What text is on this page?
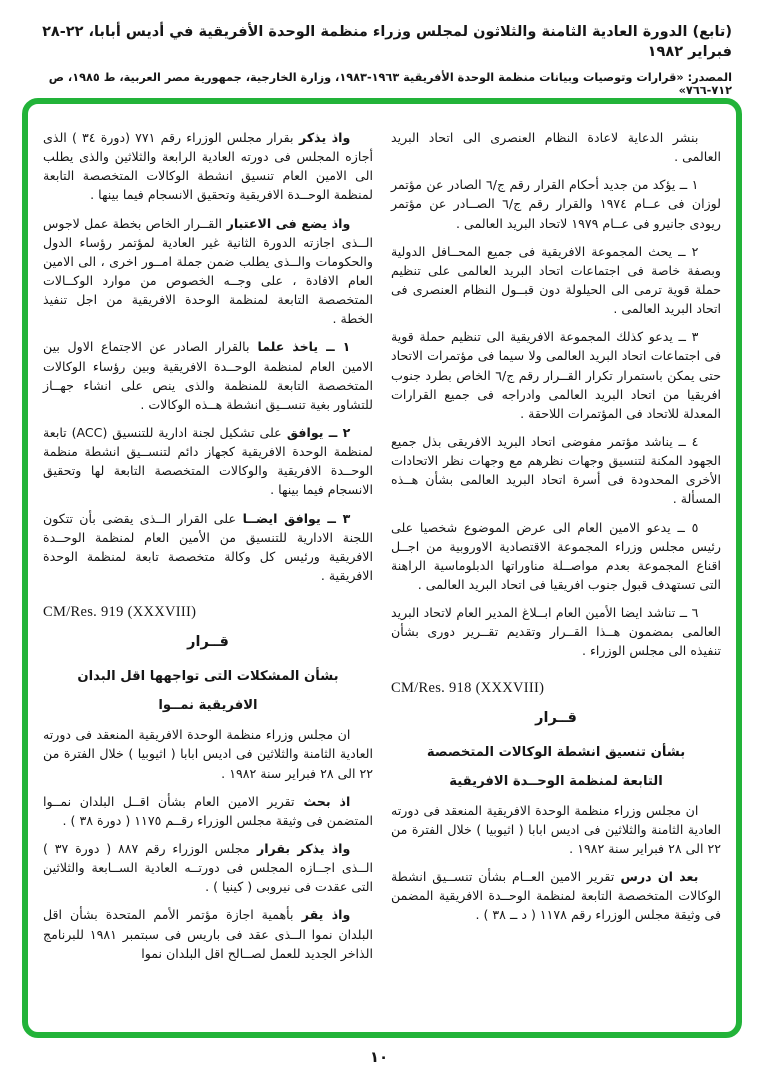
(تابع) الدورة العادية الثامنة والثلاثون لمجلس وزراء منظمة الوحدة الأفريقية في أديس أبابا، ٢٢-٢٨ فبراير ١٩٨٢
المصدر: «قرارات وتوصيات وبيانات منظمة الوحدة الأفريقية ١٩٦٣-١٩٨٣، وزارة الخارجية، جمهورية مصر العربية، ط ١٩٨٥، ص ٧١٢-٧٦٦»

بنشر الدعاية لاعادة النظام العنصرى الى اتحاد البريد العالمى .

١ ــ يؤكد من جديد أحكام القرار رقم ج/٦ الصادر عن مؤتمر لوزان فى عــام ١٩٧٤ والقرار رقم ج/٦ الصــادر عن مؤتمر ريودى جانيرو فى عــام ١٩٧٩ لاتحاد البريد العالمى .

٢ ــ يحث المجموعة الافريقية فى جميع المحــافل الدولية وبصفة خاصة فى اجتماعات اتحاد البريد العالمى على تنظيم حملة قوية ترمى الى الحيلولة دون قبــول النظام العنصرى فى اتحاد البريد العالمى .

٣ ــ يدعو كذلك المجموعة الافريقية الى تنظيم حملة قوية فى اجتماعات اتحاد البريد العالمى ولا سيما فى مؤتمرات الاتحاد حتى يمكن باستمرار تكرار القــرار رقم ج/٦ الخاص بطرد جنوب افريقيا من اتحاد البريد العالمى وادراجه فى جميع القرارات المعدلة للاتحاد فى المؤتمرات اللاحقة .

٤ ــ يناشد مؤتمر مفوضى اتحاد البريد الافريقى بذل جميع الجهود المكنة لتنسيق وجهات نظرهم مع وجهات نظر الاتحادات الأخرى المحدودة فى أسرة اتحاد البريد العالمى بشأن هــذه المسألة .

٥ ــ يدعو الامين العام الى عرض الموضوع شخصيا على رئيس مجلس وزراء المجموعة الاقتصادية الاوروبية من اجــل اقناع المجموعة بعدم مواصــلة مناوراتها الدبلوماسية الراهنة التى تستهدف قبول جنوب افريقيا فى اتحاد البريد العالمى .

٦ ــ تناشد ايضا الأمين العام ابــلاغ المدير العام لاتحاد البريد العالمى بمضمون هــذا القــرار وتقديم تقــرير دورى بشأن تنفيذه الى مجلس الوزراء .

CM/Res. 918 (XXXVIII)

قــرار

بشأن تنسيق انشطة الوكالات المتخصصة

التابعة لمنظمة الوحــدة الافريقية

ان مجلس وزراء منظمة الوحدة الافريقية المنعقد فى دورته العادية الثامنة والثلاثين فى اديس ابابا ( اثيوبيا ) خلال الفترة من ٢٢ الى ٢٨ فبراير سنة ١٩٨٢ .

بعد ان درس تقرير الامين العــام بشأن تنســيق انشطة الوكالات المتخصصة التابعة لمنظمة الوحــدة الافريقية المضمن فى وثيقة مجلس الوزراء رقم ١١٧٨ ( د ــ ٣٨ ) .

واذ يذكر بقرار مجلس الوزراء رقم ٧٧١ (دورة ٣٤ ) الذى أجازه المجلس فى دورته العادية الرابعة والثلاثين والذى يطلب الى الامين العام تنسيق انشطة الوكالات المتخصصة التابعة لمنظمة الوحــدة الافريقية وتحقيق الانسجام فيما بينها .

واذ يضع فى الاعتبار القــرار الخاص بخطة عمل لاجوس الــذى اجازته الدورة الثانية غير العادية لمؤتمر رؤساء الدول والحكومات والــذى يطلب ضمن جملة امــور اخرى ، الى الامين العام الافادة ، على وجــه الخصوص من موارد الوكــالات المتخصصة التابعة لمنظمة الوحدة الافريقية من اجل تنفيذ الخطة .

١ ــ ياخذ علما بالقرار الصادر عن الاجتماع الاول بين الامين العام لمنظمة الوحــدة الافريقية وبين رؤساء الوكالات المتخصصة التابعة للمنظمة والذى ينص على انشاء جهــاز للتشاور بغية تنســيق انشطة هــذه الوكالات .

٢ ــ يوافق على تشكيل لجنة ادارية للتنسيق (ACC) تابعة لمنظمة الوحدة الافريقية كجهاز دائم لتنســيق انشطة منظمة الوحــدة الافريقية والوكالات المتخصصة التابعة لها وتحقيق الانسجام فيما بينها .

٣ ــ يوافق ايضــا على القرار الــذى يقضى بأن تتكون اللجنة الادارية للتنسيق من الأمين العام لمنظمة الوحــدة الافريقية ورئيس كل وكالة متخصصة تابعة لمنظمة الوحدة الافريقية .

CM/Res. 919 (XXXVIII)

قــرار

بشأن المشكلات التى تواجهها اقل البدان

الافريقية نمــوا

ان مجلس وزراء منظمة الوحدة الافريقية المنعقد فى دورته العادية الثامنة والثلاثين فى اديس ابابا ( اثيوبيا ) خلال الفترة من ٢٢ الى ٢٨ فبراير سنة ١٩٨٢ .

اذ بحث تقرير الامين العام بشأن اقــل البلدان نمــوا المتضمن فى وثيقة مجلس الوزراء رقــم ١١٧٥ ( دورة ٣٨ ) .

واذ يذكر بقرار مجلس الوزراء رقم ٨٨٧ ( دورة ٣٧ ) الــذى اجــازه المجلس فى دورتــه العادية الســابعة والثلاثين التى عقدت فى نيروبى ( كينيا ) .

واذ يقر بأهمية اجازة مؤتمر الأمم المتحدة بشأن اقل البلدان نموا الــذى عقد فى باريس فى سبتمبر ١٩٨١ للبرنامج الذاخر الجديد للعمل لصــالح اقل البلدان نموا

١٠
